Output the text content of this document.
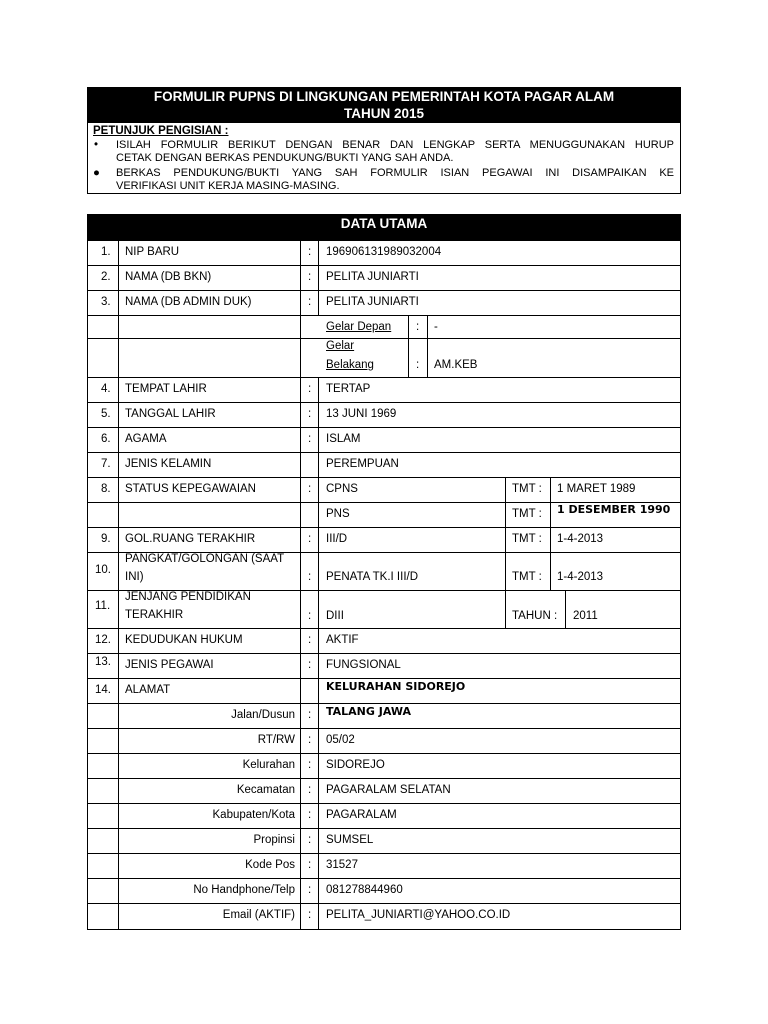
FORMULIR PUPNS DI LINGKUNGAN PEMERINTAH KOTA PAGAR ALAM
TAHUN 2015
PETUNJUK PENGISIAN :
• ISILAH FORMULIR BERIKUT DENGAN BENAR DAN LENGKAP SERTA MENUGGUNAKAN HURUP
CETAK DENGAN BERKAS PENDUKUNG/BUKTI YANG SAH ANDA.
● BERKAS PENDUKUNG/BUKTI YANG SAH FORMULIR ISIAN PEGAWAI INI DISAMPAIKAN KE
VERIFIKASI UNIT KERJA MASING-MASING.
DATA UTAMA
1. NIP BARU	: 196906131989032004
2. NAMA (DB BKN)	: PELITA JUNIARTI
3. NAMA (DB ADMIN DUK)	: PELITA JUNIARTI
Gelar Depan : -
Gelar
Belakang	: AM.KEB
4. TEMPAT LAHIR	: TERTAP
5. TANGGAL LAHIR	: 13 JUNI 1969
6. AGAMA	: ISLAM
7. JENIS KELAMIN	PEREMPUAN
8. STATUS KEPEGAWAIAN	: CPNS	TMT : 1 MARET 1989
PNS	TMT : 1 DESEMBER 1990
9. GOL.RUANG TERAKHIR	: III/D	TMT : 1-4-2013
10.
PANGKAT/GOLONGAN (SAAT
INI)	: PENATA TK.I III/D	TMT : 1-4-2013
11.
JENJANG PENDIDIKAN
TERAKHIR	: DIII	TAHUN : 2011
12. KEDUDUKAN HUKUM	: AKTIF
13. JENIS PEGAWAI	: FUNGSIONAL
14. ALAMAT	KELURAHAN SIDOREJO
Jalan/Dusun : TALANG JAWA
RT/RW : 05/02
Kelurahan : SIDOREJO
Kecamatan : PAGARALAM SELATAN
Kabupaten/Kota : PAGARALAM
Propinsi : SUMSEL
Kode Pos : 31527
No Handphone/Telp : 081278844960
Email (AKTIF) : PELITA_JUNIARTI@YAHOO.CO.ID
